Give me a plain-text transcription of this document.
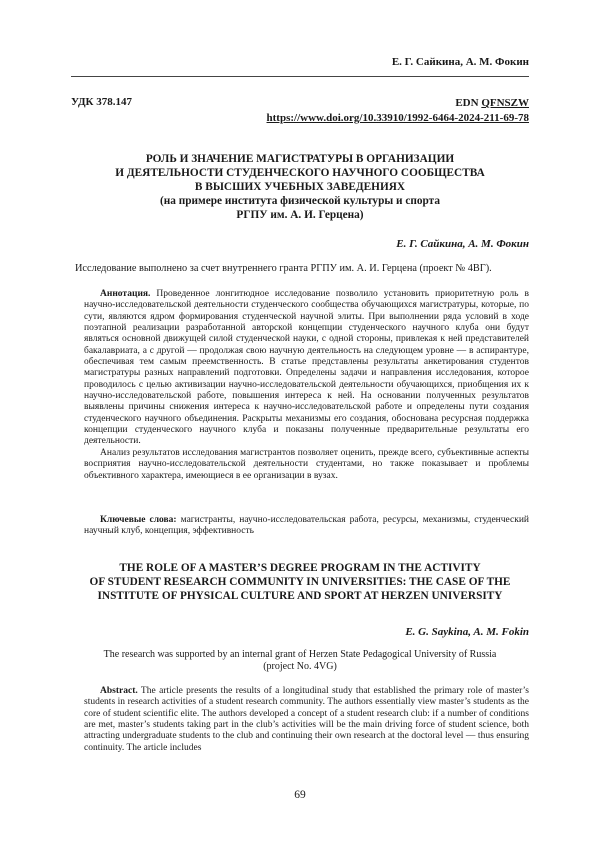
Е. Г. Сайкина, А. М. Фокин
УДК 378.147	EDN QFNSZW
https://www.doi.org/10.33910/1992-6464-2024-211-69-78
РОЛЬ И ЗНАЧЕНИЕ МАГИСТРАТУРЫ В ОРГАНИЗАЦИИ
И ДЕЯТЕЛЬНОСТИ СТУДЕНЧЕСКОГО НАУЧНОГО СООБЩЕСТВА
В ВЫСШИХ УЧЕБНЫХ ЗАВЕДЕНИЯХ
(на примере института физической культуры и спорта
РГПУ им. А. И. Герцена)
Е. Г. Сайкина, А. М. Фокин
Исследование выполнено за счет внутреннего гранта РГПУ им. А. И. Герцена (проект № 4ВГ).

Аннотация. Проведенное лонгитюдное исследование позволило установить приоритетную роль в научно-исследовательской деятельности студенческого сообщества обучающихся магистратуры, которые, по сути, являются ядром формирования студенческой научной элиты. При выполнении ряда условий в ходе поэтапной реализации разработанной авторской концепции студенческого научного клуба они будут являться основной движущей силой студенческой науки, с одной стороны, привлекая к ней представителей бакалавриата, а с другой — продолжая свою научную деятельность на следующем уровне — в аспирантуре, обеспечивая тем самым преемственность. В статье представлены результаты анкетирования студентов магистратуры разных направлений подготовки. Определены задачи и направления исследования, которое проводилось с целью активизации научно-исследовательской деятельности обучающихся, приобщения их к научно-исследовательской работе, повышения интереса к ней. На основании полученных результатов выявлены причины снижения интереса к научно-исследовательской работе и определены пути создания студенческого научного объединения. Раскрыты механизмы его создания, обоснована ресурсная поддержка концепции студенческого научного клуба и показаны полученные предварительные результаты его деятельности.

Анализ результатов исследования магистрантов позволяет оценить, прежде всего, субъективные аспекты восприятия научно-исследовательской деятельности студентами, но также показывает и проблемы объективного характера, имеющиеся в ее организации в вузах.

Ключевые слова: магистранты, научно-исследовательская работа, ресурсы, механизмы, студенческий научный клуб, концепция, эффективность
THE ROLE OF A MASTER’S DEGREE PROGRAM IN THE ACTIVITY
OF STUDENT RESEARCH COMMUNITY IN UNIVERSITIES: THE CASE OF THE
INSTITUTE OF PHYSICAL CULTURE AND SPORT AT HERZEN UNIVERSITY
E. G. Saykina, A. M. Fokin
The research was supported by an internal grant of Herzen State Pedagogical University of Russia
(project No. 4VG)
Abstract. The article presents the results of a longitudinal study that established the primary role of master’s students in research activities of a student research community. The authors essentially view master’s students as the core of student scientific elite. The authors developed a concept of a student research club: if a number of conditions are met, master’s students taking part in the club’s activities will be the main driving force of student science, both attracting undergraduate students to the club and continuing their own research at the doctoral level — thus ensuring continuity. The article includes
69
